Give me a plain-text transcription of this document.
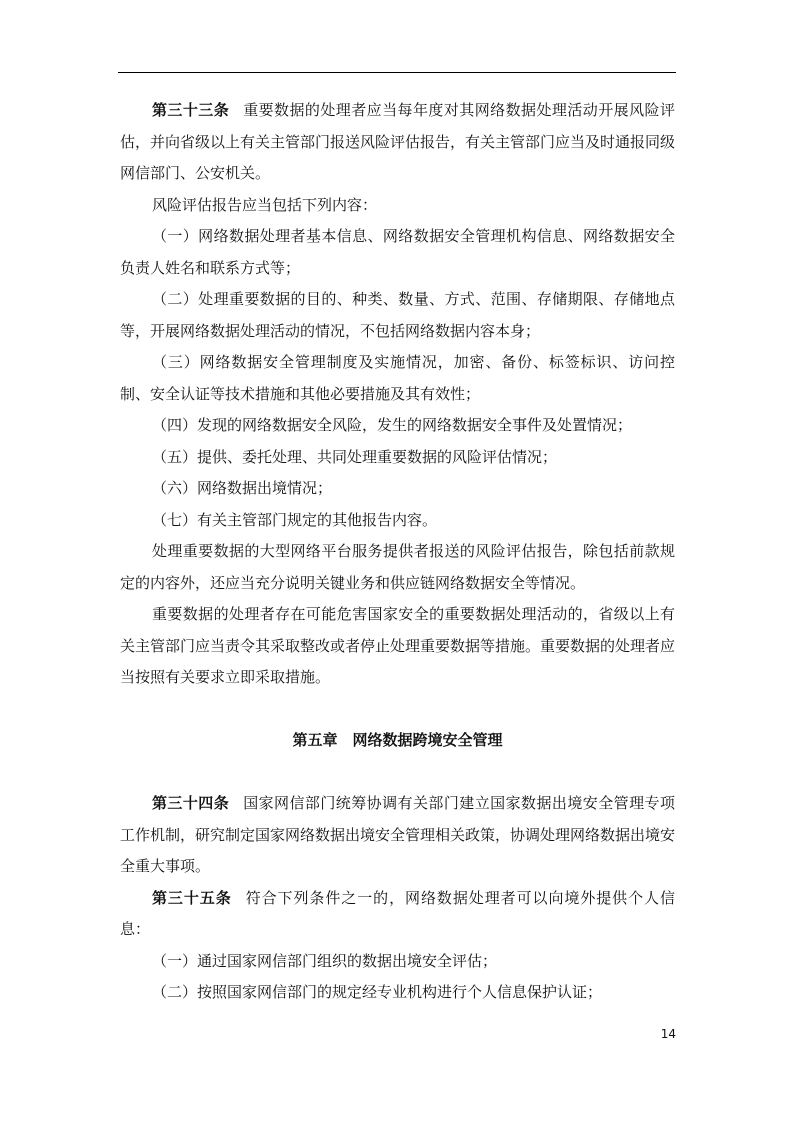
第三十三条 重要数据的处理者应当每年度对其网络数据处理活动开展风险评估，并向省级以上有关主管部门报送风险评估报告，有关主管部门应当及时通报同级网信部门、公安机关。

风险评估报告应当包括下列内容：

（一）网络数据处理者基本信息、网络数据安全管理机构信息、网络数据安全负责人姓名和联系方式等；

（二）处理重要数据的目的、种类、数量、方式、范围、存储期限、存储地点等，开展网络数据处理活动的情况，不包括网络数据内容本身；

（三）网络数据安全管理制度及实施情况，加密、备份、标签标识、访问控制、安全认证等技术措施和其他必要措施及其有效性；

（四）发现的网络数据安全风险，发生的网络数据安全事件及处置情况；

（五）提供、委托处理、共同处理重要数据的风险评估情况；

（六）网络数据出境情况；

（七）有关主管部门规定的其他报告内容。

处理重要数据的大型网络平台服务提供者报送的风险评估报告，除包括前款规定的内容外，还应当充分说明关键业务和供应链网络数据安全等情况。

重要数据的处理者存在可能危害国家安全的重要数据处理活动的，省级以上有关主管部门应当责令其采取整改或者停止处理重要数据等措施。重要数据的处理者应当按照有关要求立即采取措施。

第五章　网络数据跨境安全管理

第三十四条 国家网信部门统筹协调有关部门建立国家数据出境安全管理专项工作机制，研究制定国家网络数据出境安全管理相关政策，协调处理网络数据出境安全重大事项。

第三十五条 符合下列条件之一的，网络数据处理者可以向境外提供个人信息：

（一）通过国家网信部门组织的数据出境安全评估；

（二）按照国家网信部门的规定经专业机构进行个人信息保护认证；

14
